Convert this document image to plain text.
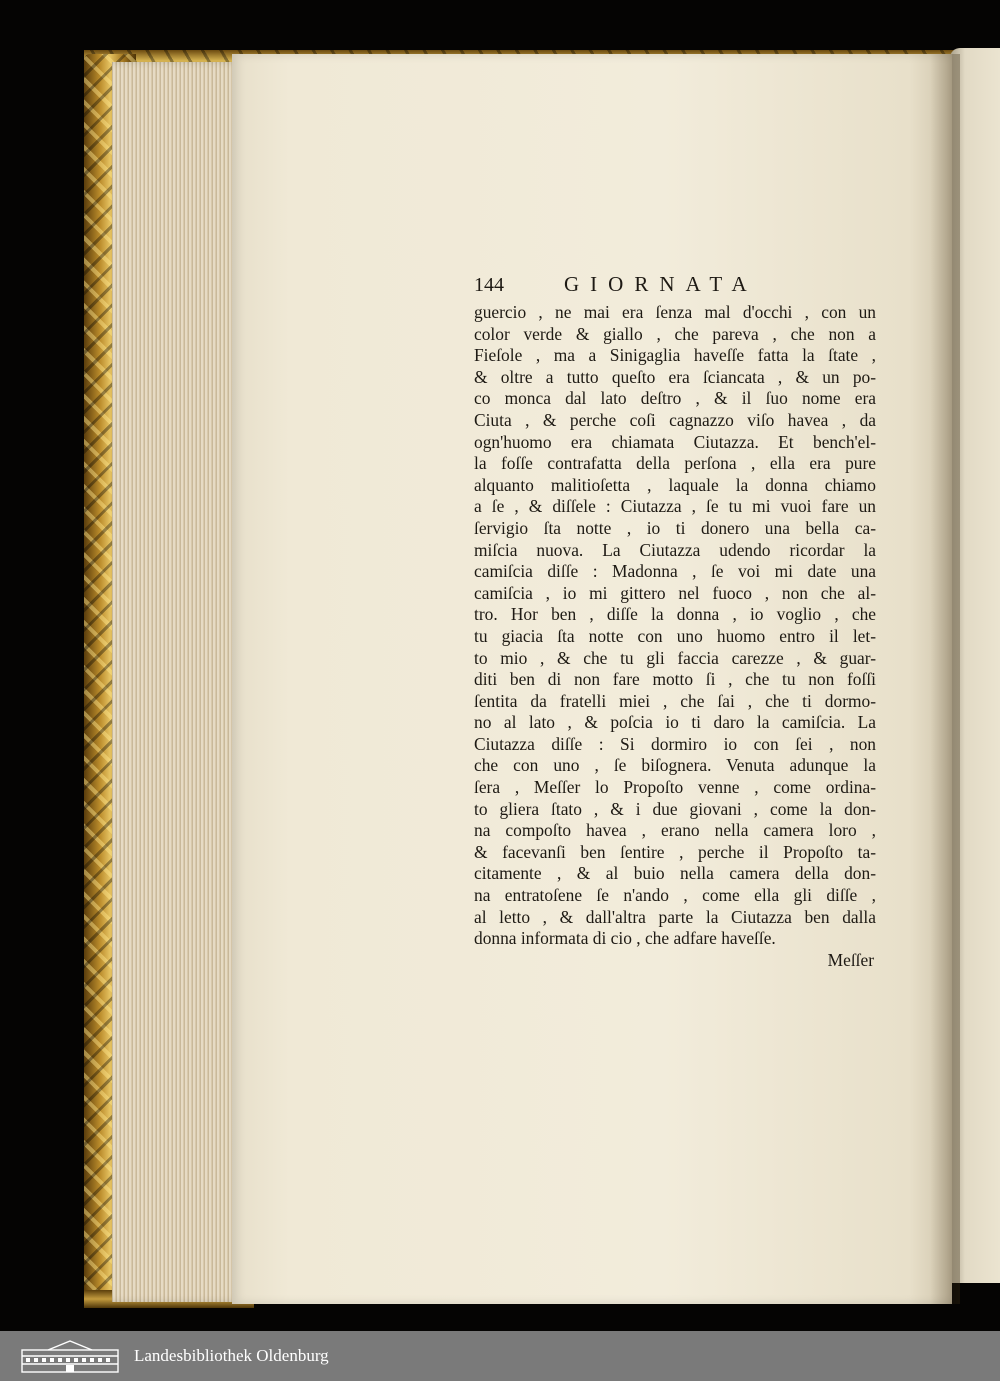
144	GIORNATA
guercio , ne mai era ſenza mal d'occhi , con un
color verde & giallo , che pareva , che non a
Fieſole , ma a Sinigaglia haveſſe fatta la ſtate ,
& oltre a tutto queſto era ſciancata , & un po-
co monca dal lato deſtro , & il ſuo nome era
Ciuta , & perche coſi cagnazzo viſo havea , da
ogn'huomo era chiamata Ciutazza. Et bench'el-
la foſſe contrafatta della perſona , ella era pure
alquanto malitioſetta , laquale la donna chiamo
a ſe , & diſſele : Ciutazza , ſe tu mi vuoi fare un
ſervigio ſta notte , io ti donero una bella ca-
miſcia nuova. La Ciutazza udendo ricordar la
camiſcia diſſe : Madonna , ſe voi mi date una
camiſcia , io mi gittero nel fuoco , non che al-
tro. Hor ben , diſſe la donna , io voglio , che
tu giacia ſta notte con uno huomo entro il let-
to mio , & che tu gli faccia carezze , & guar-
diti ben di non fare motto ſi , che tu non foſſi
ſentita da fratelli miei , che ſai , che ti dormo-
no al lato , & poſcia io ti daro la camiſcia. La
Ciutazza diſſe : Si dormiro io con ſei , non
che con uno , ſe biſognera. Venuta adunque la
ſera , Meſſer lo Propoſto venne , come ordina-
to gliera ſtato , & i due giovani , come la don-
na compoſto havea , erano nella camera loro ,
& facevanſi ben ſentire , perche il Propoſto ta-
citamente , & al buio nella camera della don-
na entratoſene ſe n'ando , come ella gli diſſe ,
al letto , & dall'altra parte la Ciutazza ben dalla
donna informata di cio , che adfare haveſſe.
Meſſer
Landesbibliothek Oldenburg
